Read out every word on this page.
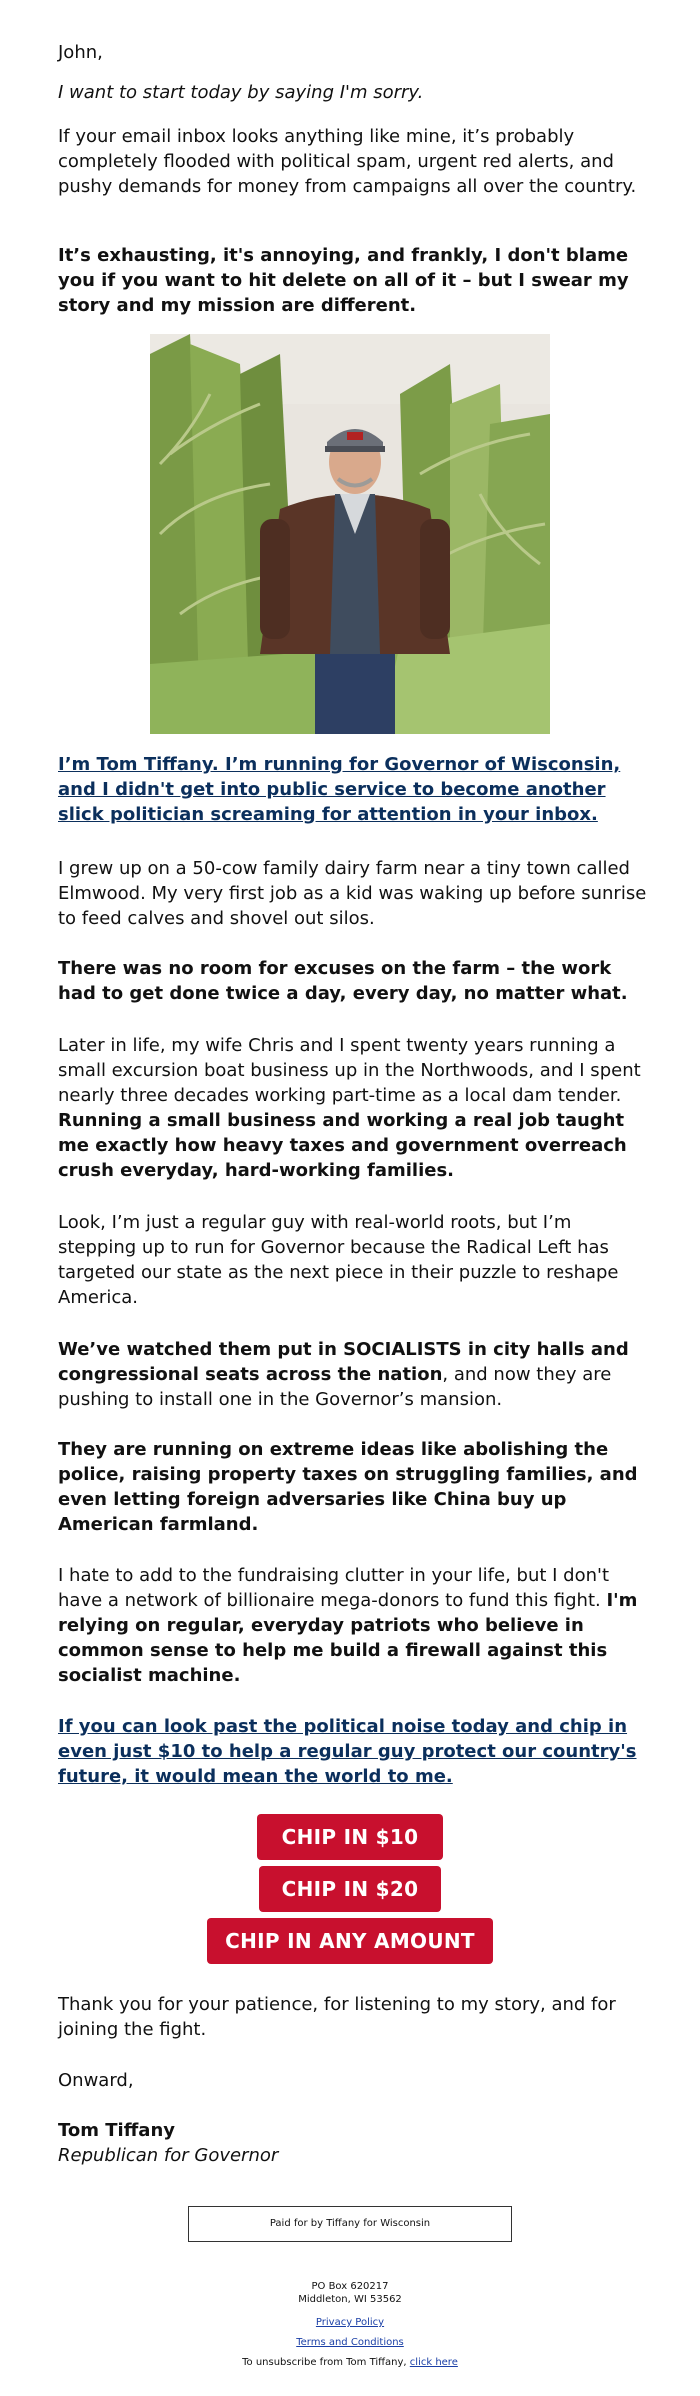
John,

I want to start today by saying I'm sorry.

If your email inbox looks anything like mine, it’s probably completely flooded with political spam, urgent red alerts, and pushy demands for money from campaigns all over the country.

It’s exhausting, it's annoying, and frankly, I don't blame you if you want to hit delete on all of it – but I swear my story and my mission are different.

I’m Tom Tiffany. I’m running for Governor of Wisconsin, and I didn't get into public service to become another slick politician screaming for attention in your inbox.

I grew up on a 50-cow family dairy farm near a tiny town called Elmwood. My very first job as a kid was waking up before sunrise to feed calves and shovel out silos.

There was no room for excuses on the farm – the work had to get done twice a day, every day, no matter what.

Later in life, my wife Chris and I spent twenty years running a small excursion boat business up in the Northwoods, and I spent nearly three decades working part-time as a local dam tender. Running a small business and working a real job taught me exactly how heavy taxes and government overreach crush everyday, hard-working families.

Look, I’m just a regular guy with real-world roots, but I’m stepping up to run for Governor because the Radical Left has targeted our state as the next piece in their puzzle to reshape America.

We’ve watched them put in SOCIALISTS in city halls and congressional seats across the nation, and now they are pushing to install one in the Governor’s mansion.

They are running on extreme ideas like abolishing the police, raising property taxes on struggling families, and even letting foreign adversaries like China buy up American farmland.

I hate to add to the fundraising clutter in your life, but I don't have a network of billionaire mega-donors to fund this fight. I'm relying on regular, everyday patriots who believe in common sense to help me build a firewall against this socialist machine.

If you can look past the political noise today and chip in even just $10 to help a regular guy protect our country's future, it would mean the world to me.

CHIP IN $10
CHIP IN $20
CHIP IN ANY AMOUNT

Thank you for your patience, for listening to my story, and for joining the fight.

Onward,

Tom Tiffany

Republican for Governor

Paid for by Tiffany for Wisconsin
PO Box 620217
Middleton, WI 53562
Privacy Policy
Terms and Conditions
To unsubscribe from Tom Tiffany, click here
